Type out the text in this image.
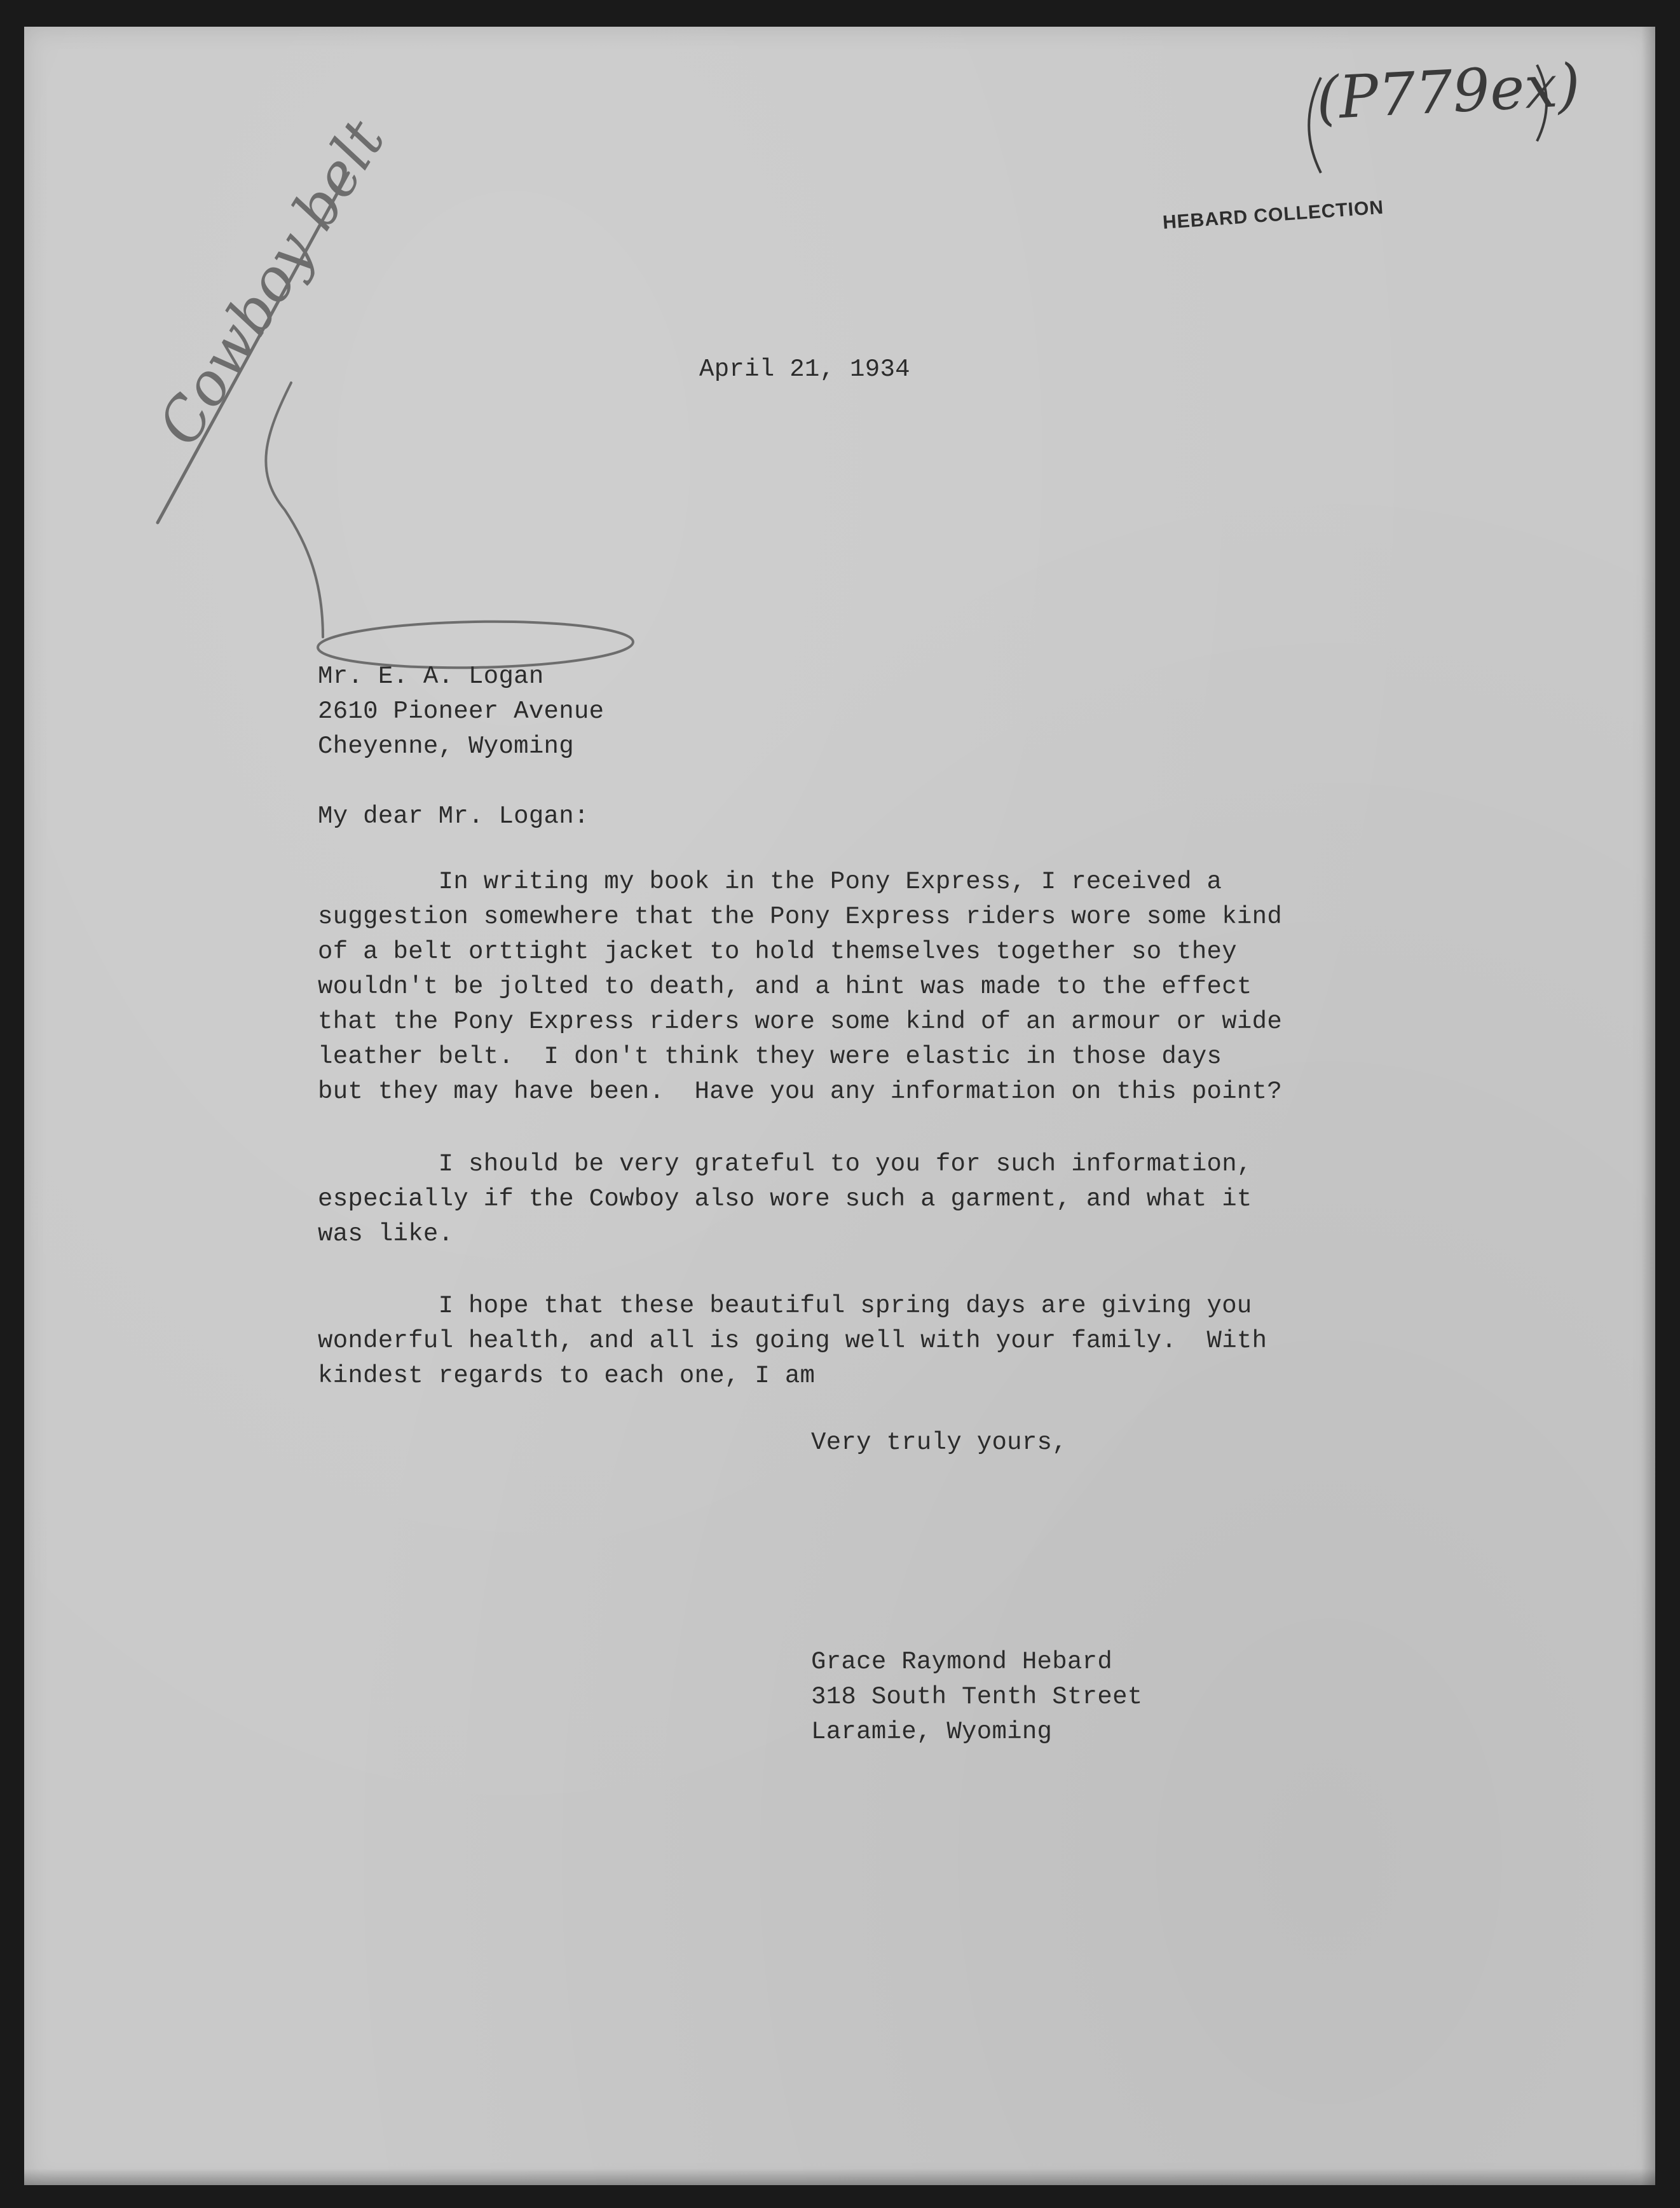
(P779ex)
Cowboy belt	HEBARD COLLECTION
April 21, 1934
Mr. E. A. Logan
2610 Pioneer Avenue
Cheyenne, Wyoming
My dear Mr. Logan:
In writing my book in the Pony Express, I received a
suggestion somewhere that the Pony Express riders wore some kind
of a belt orttight jacket to hold themselves together so they
wouldn't be jolted to death, and a hint was made to the effect
that the Pony Express riders wore some kind of an armour or wide
leather belt.  I don't think they were elastic in those days
but they may have been.  Have you any information on this point?
I should be very grateful to you for such information,
especially if the Cowboy also wore such a garment, and what it
was like.
I hope that these beautiful spring days are giving you
wonderful health, and all is going well with your family.  With
kindest regards to each one, I am
Very truly yours,
Grace Raymond Hebard
318 South Tenth Street
Laramie, Wyoming
